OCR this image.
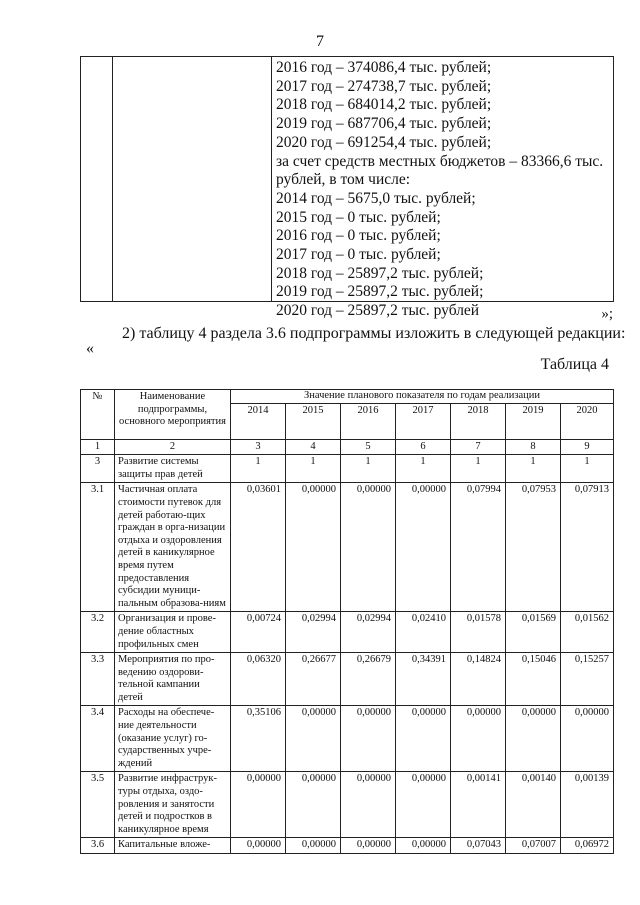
7
2016 год – 374086,4 тыс. рублей;
2017 год – 274738,7 тыс. рублей;
2018 год – 684014,2 тыс. рублей;
2019 год – 687706,4 тыс. рублей;
2020 год – 691254,4 тыс. рублей;
за счет средств местных бюджетов – 83366,6 тыс.
рублей, в том числе:
2014 год – 5675,0 тыс. рублей;
2015 год – 0 тыс. рублей;
2016 год – 0 тыс. рублей;
2017 год – 0 тыс. рублей;
2018 год – 25897,2 тыс. рублей;
2019 год – 25897,2 тыс. рублей;
2020 год – 25897,2 тыс. рублей	»;
2) таблицу 4 раздела 3.6 подпрограммы изложить в следующей редакции:
«
Таблица 4
№	Наименование подпрограммы, основного мероприятия	Значение планового показателя по годам реализации						
		2014	2015	2016	2017	2018	2019	2020
1	2	3	4	5	6	7	8	9
3	Развитие системы защиты прав детей	1	1	1	1	1	1	1
3.1	Частичная оплата стоимости путевок для детей работаю-щих граждан в орга-низации отдыха и оздоровления детей в каникулярное время путем предоставления субсидии муници-пальным образова-ниям	0,03601	0,00000	0,00000	0,00000	0,07994	0,07953	0,07913
3.2	Организация и прове-дение областных профильных смен	0,00724	0,02994	0,02994	0,02410	0,01578	0,01569	0,01562
3.3	Мероприятия по про-ведению оздорови-тельной кампании детей	0,06320	0,26677	0,26679	0,34391	0,14824	0,15046	0,15257
3.4	Расходы на обеспече-ние деятельности (оказание услуг) го-сударственных учре-ждений	0,35106	0,00000	0,00000	0,00000	0,00000	0,00000	0,00000
3.5	Развитие инфраструк-туры отдыха, оздо-ровления и занятости детей и подростков в каникулярное время	0,00000	0,00000	0,00000	0,00000	0,00141	0,00140	0,00139
3.6	Капитальные вложе-	0,00000	0,00000	0,00000	0,00000	0,07043	0,07007	0,06972
